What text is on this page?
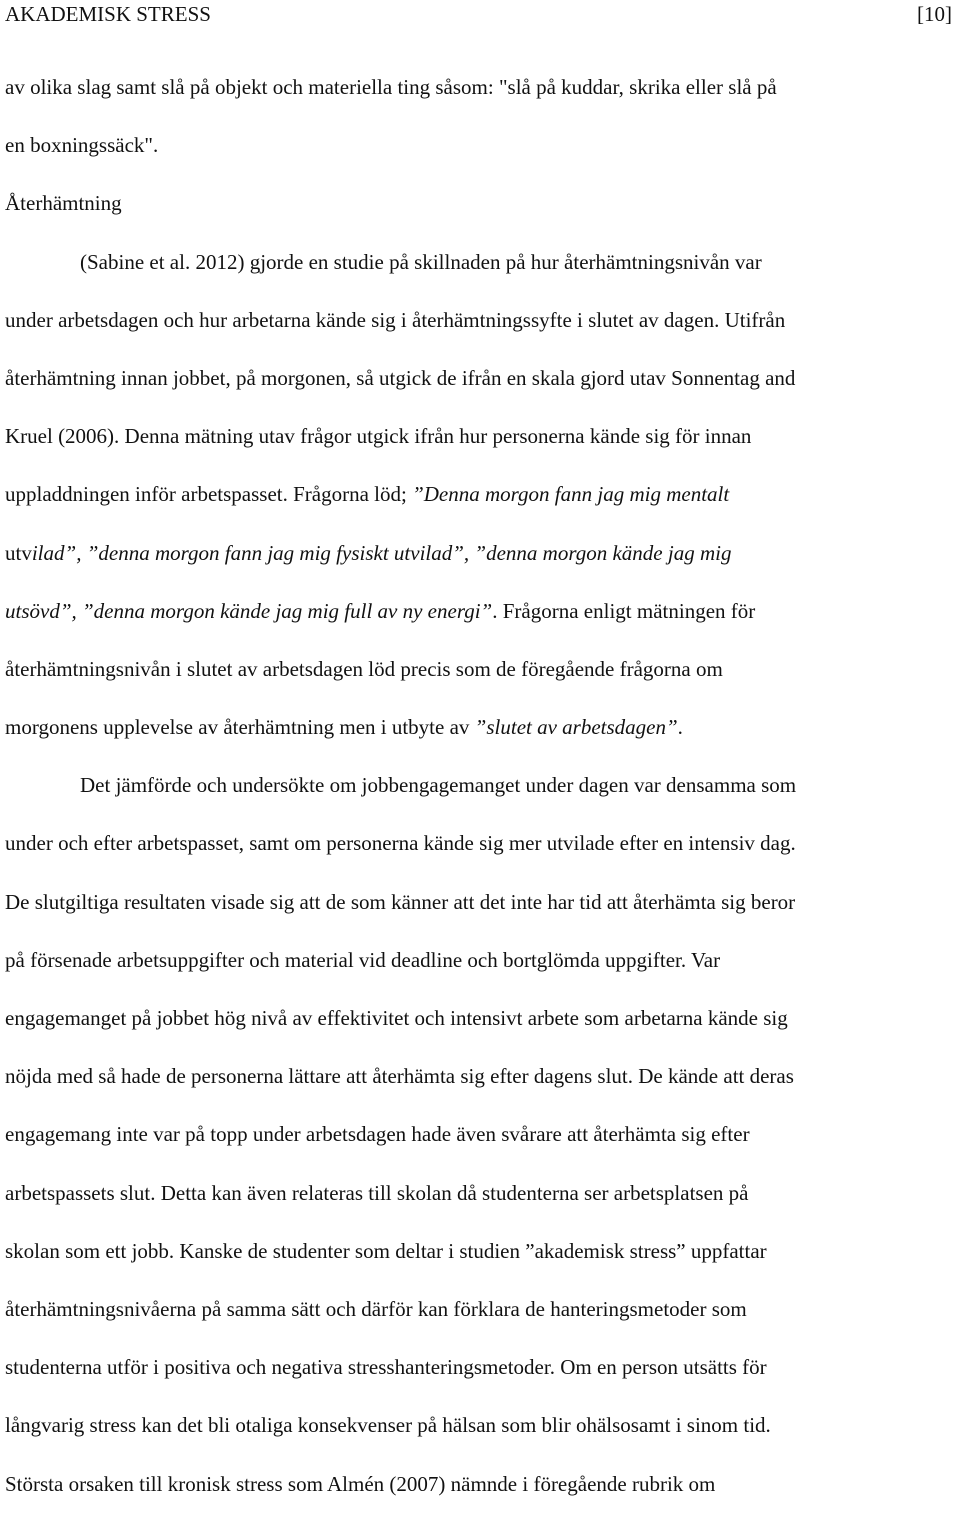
AKADEMISK STRESS	[10]
av olika slag samt slå på objekt och materiella ting såsom: "slå på kuddar, skrika eller slå på
en boxningssäck".
Återhämtning
(Sabine et al. 2012) gjorde en studie på skillnaden på hur återhämtningsnivån var
under arbetsdagen och hur arbetarna kände sig i återhämtningssyfte i slutet av dagen. Utifrån
återhämtning innan jobbet, på morgonen, så utgick de ifrån en skala gjord utav Sonnentag and
Kruel (2006). Denna mätning utav frågor utgick ifrån hur personerna kände sig för innan
uppladdningen inför arbetspasset. Frågorna löd; ”Denna morgon fann jag mig mentalt
utvilad”, ”denna morgon fann jag mig fysiskt utvilad”, ”denna morgon kände jag mig
utsövd”, ”denna morgon kände jag mig full av ny energi”. Frågorna enligt mätningen för
återhämtningsnivån i slutet av arbetsdagen löd precis som de föregående frågorna om
morgonens upplevelse av återhämtning men i utbyte av ”slutet av arbetsdagen”.
Det jämförde och undersökte om jobbengagemanget under dagen var densamma som
under och efter arbetspasset, samt om personerna kände sig mer utvilade efter en intensiv dag.
De slutgiltiga resultaten visade sig att de som känner att det inte har tid att återhämta sig beror
på försenade arbetsuppgifter och material vid deadline och bortglömda uppgifter. Var
engagemanget på jobbet hög nivå av effektivitet och intensivt arbete som arbetarna kände sig
nöjda med så hade de personerna lättare att återhämta sig efter dagens slut. De kände att deras
engagemang inte var på topp under arbetsdagen hade även svårare att återhämta sig efter
arbetspassets slut. Detta kan även relateras till skolan då studenterna ser arbetsplatsen på
skolan som ett jobb. Kanske de studenter som deltar i studien ”akademisk stress” uppfattar
återhämtningsnivåerna på samma sätt och därför kan förklara de hanteringsmetoder som
studenterna utför i positiva och negativa stresshanteringsmetoder. Om en person utsätts för
långvarig stress kan det bli otaliga konsekvenser på hälsan som blir ohälsosamt i sinom tid.
Största orsaken till kronisk stress som Almén (2007) nämnde i föregående rubrik om
